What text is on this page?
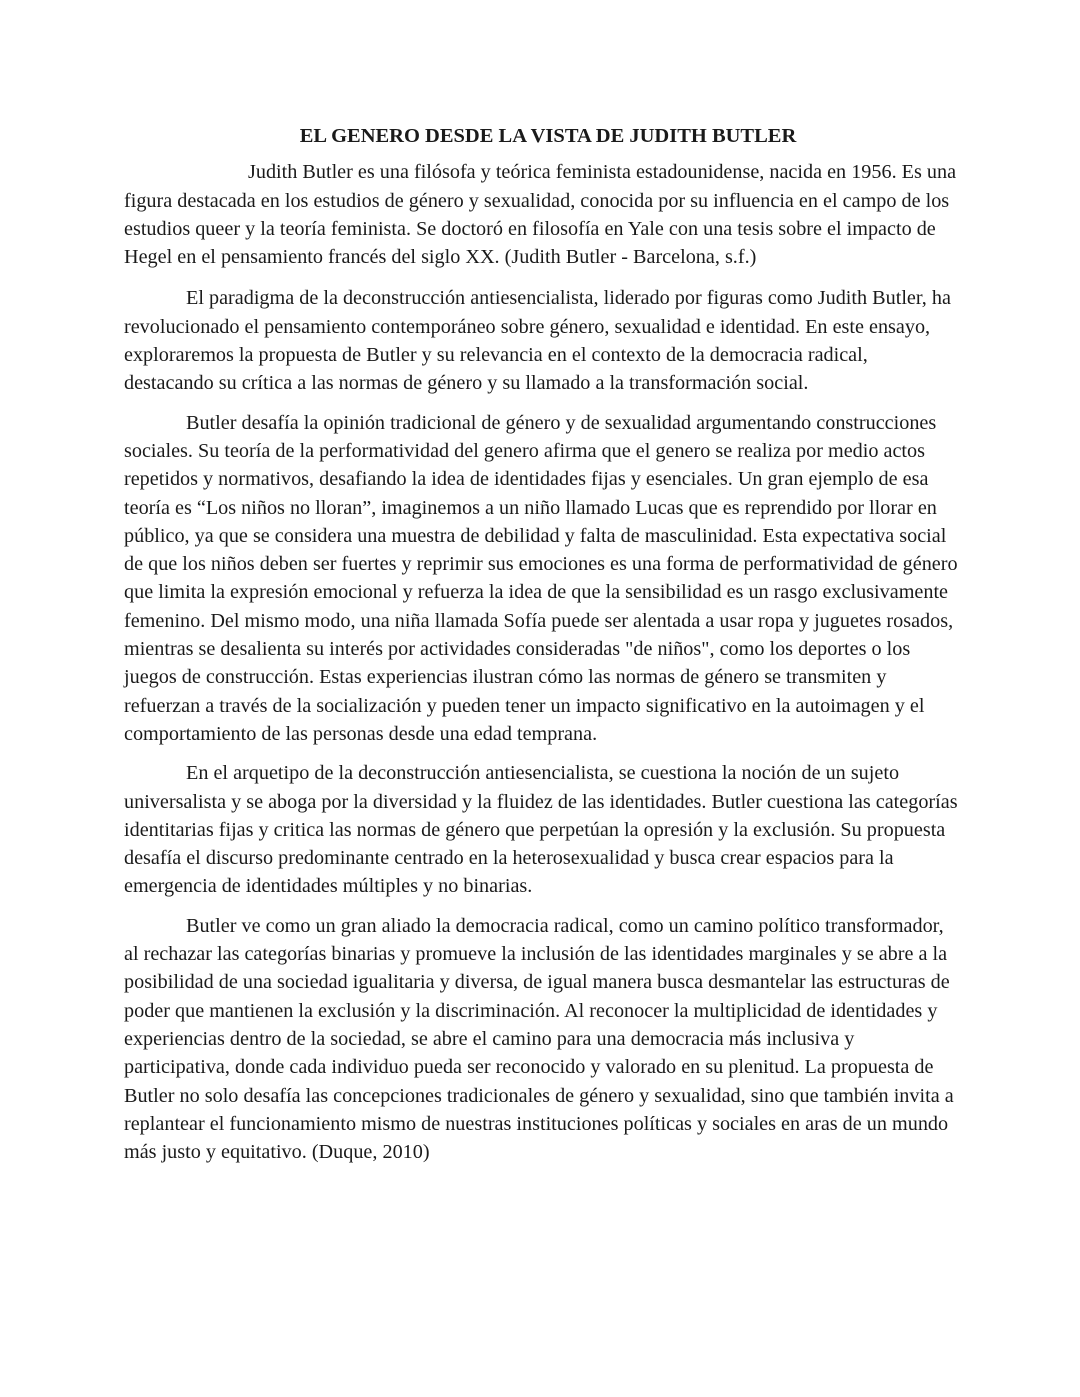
EL GENERO DESDE LA VISTA DE JUDITH BUTLER

Judith Butler es una filósofa y teórica feminista estadounidense, nacida en 1956. Es una figura destacada en los estudios de género y sexualidad, conocida por su influencia en el campo de los estudios queer y la teoría feminista. Se doctoró en filosofía en Yale con una tesis sobre el impacto de Hegel en el pensamiento francés del siglo XX. (Judith Butler - Barcelona, s.f.)

El paradigma de la deconstrucción antiesencialista, liderado por figuras como Judith Butler, ha revolucionado el pensamiento contemporáneo sobre género, sexualidad e identidad. En este ensayo, exploraremos la propuesta de Butler y su relevancia en el contexto de la democracia radical, destacando su crítica a las normas de género y su llamado a la transformación social.

Butler desafía la opinión tradicional de género y de sexualidad argumentando construcciones sociales. Su teoría de la performatividad del genero afirma que el genero se realiza por medio actos repetidos y normativos, desafiando la idea de identidades fijas y esenciales. Un gran ejemplo de esa teoría es “Los niños no lloran”, imaginemos a un niño llamado Lucas que es reprendido por llorar en público, ya que se considera una muestra de debilidad y falta de masculinidad. Esta expectativa social de que los niños deben ser fuertes y reprimir sus emociones es una forma de performatividad de género que limita la expresión emocional y refuerza la idea de que la sensibilidad es un rasgo exclusivamente femenino. Del mismo modo, una niña llamada Sofía puede ser alentada a usar ropa y juguetes rosados, mientras se desalienta su interés por actividades consideradas "de niños", como los deportes o los juegos de construcción. Estas experiencias ilustran cómo las normas de género se transmiten y refuerzan a través de la socialización y pueden tener un impacto significativo en la autoimagen y el comportamiento de las personas desde una edad temprana.

En el arquetipo de la deconstrucción antiesencialista, se cuestiona la noción de un sujeto universalista y se aboga por la diversidad y la fluidez de las identidades. Butler cuestiona las categorías identitarias fijas y critica las normas de género que perpetúan la opresión y la exclusión. Su propuesta desafía el discurso predominante centrado en la heterosexualidad y busca crear espacios para la emergencia de identidades múltiples y no binarias.

Butler ve como un gran aliado la democracia radical, como un camino político transformador, al rechazar las categorías binarias y promueve la inclusión de las identidades marginales y se abre a la posibilidad de una sociedad igualitaria y diversa, de igual manera busca desmantelar las estructuras de poder que mantienen la exclusión y la discriminación. Al reconocer la multiplicidad de identidades y experiencias dentro de la sociedad, se abre el camino para una democracia más inclusiva y participativa, donde cada individuo pueda ser reconocido y valorado en su plenitud. La propuesta de Butler no solo desafía las concepciones tradicionales de género y sexualidad, sino que también invita a replantear el funcionamiento mismo de nuestras instituciones políticas y sociales en aras de un mundo más justo y equitativo. (Duque, 2010)
